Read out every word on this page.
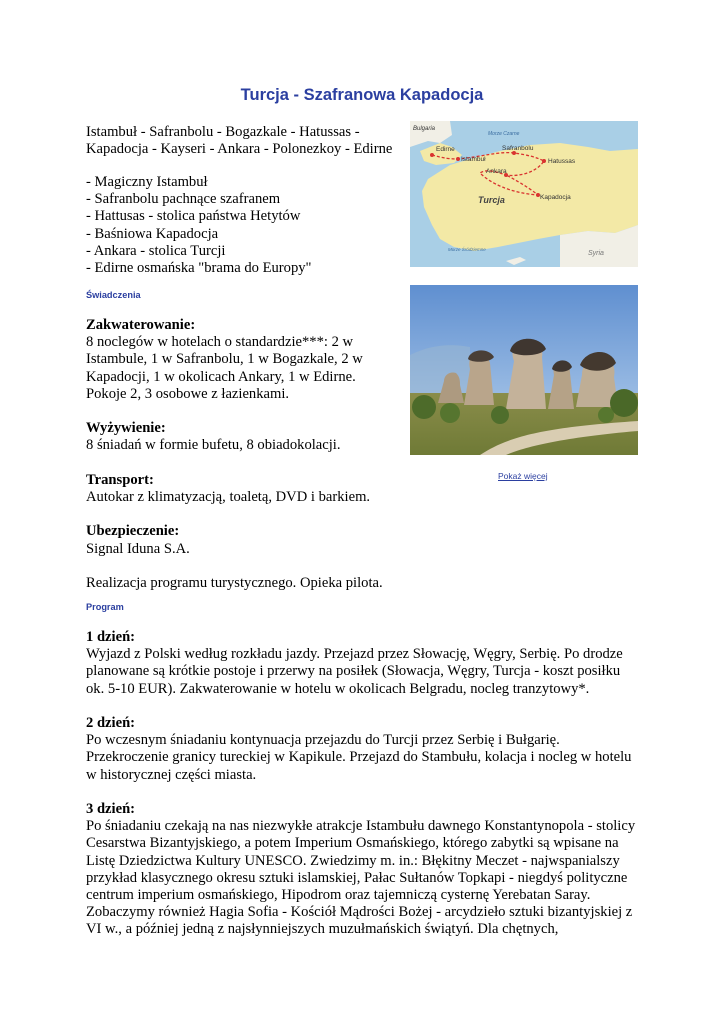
Turcja - Szafranowa Kapadocja
Istambuł - Safranbolu - Bogazkale - Hatussas -
Kapadocja - Kayseri - Ankara - Polonezkoy - Edirne
- Magiczny Istambuł
- Safranbolu pachnące szafranem
- Hattusas - stolica państwa Hetytów
- Baśniowa Kapadocja
- Ankara - stolica Turcji
- Edirne osmańska "brama do Europy"
Bulgaria
Morze Czarne
Edirne
Istambuł
Safranbolu
Hatussas
Ankara
Kapadocja
Turcja
Morze Śródziemne
Syria
Pokaż więcej
Świadczenia
Zakwaterowanie:
8 noclegów w hotelach o standardzie***: 2 w
Istambule, 1 w Safranbolu, 1 w Bogazkale, 2 w
Kapadocji, 1 w okolicach Ankary, 1 w Edirne.
Pokoje 2, 3 osobowe z łazienkami.
Wyżywienie:
8 śniadań w formie bufetu, 8 obiadokolacji.
Transport:
Autokar z klimatyzacją, toaletą, DVD i barkiem.
Ubezpieczenie:
Signal Iduna S.A.
Realizacja programu turystycznego. Opieka pilota.
Program
1 dzień:
Wyjazd z Polski według rozkładu jazdy. Przejazd przez Słowację, Węgry, Serbię. Po drodze
planowane są krótkie postoje i przerwy na posiłek (Słowacja, Węgry, Turcja - koszt posiłku
ok. 5-10 EUR). Zakwaterowanie w hotelu w okolicach Belgradu, nocleg tranzytowy*.
2 dzień:
Po wczesnym śniadaniu kontynuacja przejazdu do Turcji przez Serbię i Bułgarię.
Przekroczenie granicy tureckiej w Kapikule. Przejazd do Stambułu, kolacja i nocleg w hotelu
w historycznej części miasta.
3 dzień:
Po śniadaniu czekają na nas niezwykłe atrakcje Istambułu dawnego Konstantynopola - stolicy
Cesarstwa Bizantyjskiego, a potem Imperium Osmańskiego, którego zabytki są wpisane na
Listę Dziedzictwa Kultury UNESCO. Zwiedzimy m. in.: Błękitny Meczet - najwspanialszy
przykład klasycznego okresu sztuki islamskiej, Pałac Sułtanów Topkapi - niegdyś polityczne
centrum imperium osmańskiego, Hipodrom oraz tajemniczą cysternę Yerebatan Saray.
Zobaczymy również Hagia Sofia - Kościół Mądrości Bożej - arcydzieło sztuki bizantyjskiej z
VI w., a później jedną z najsłynniejszych muzułmańskich świątyń. Dla chętnych,
